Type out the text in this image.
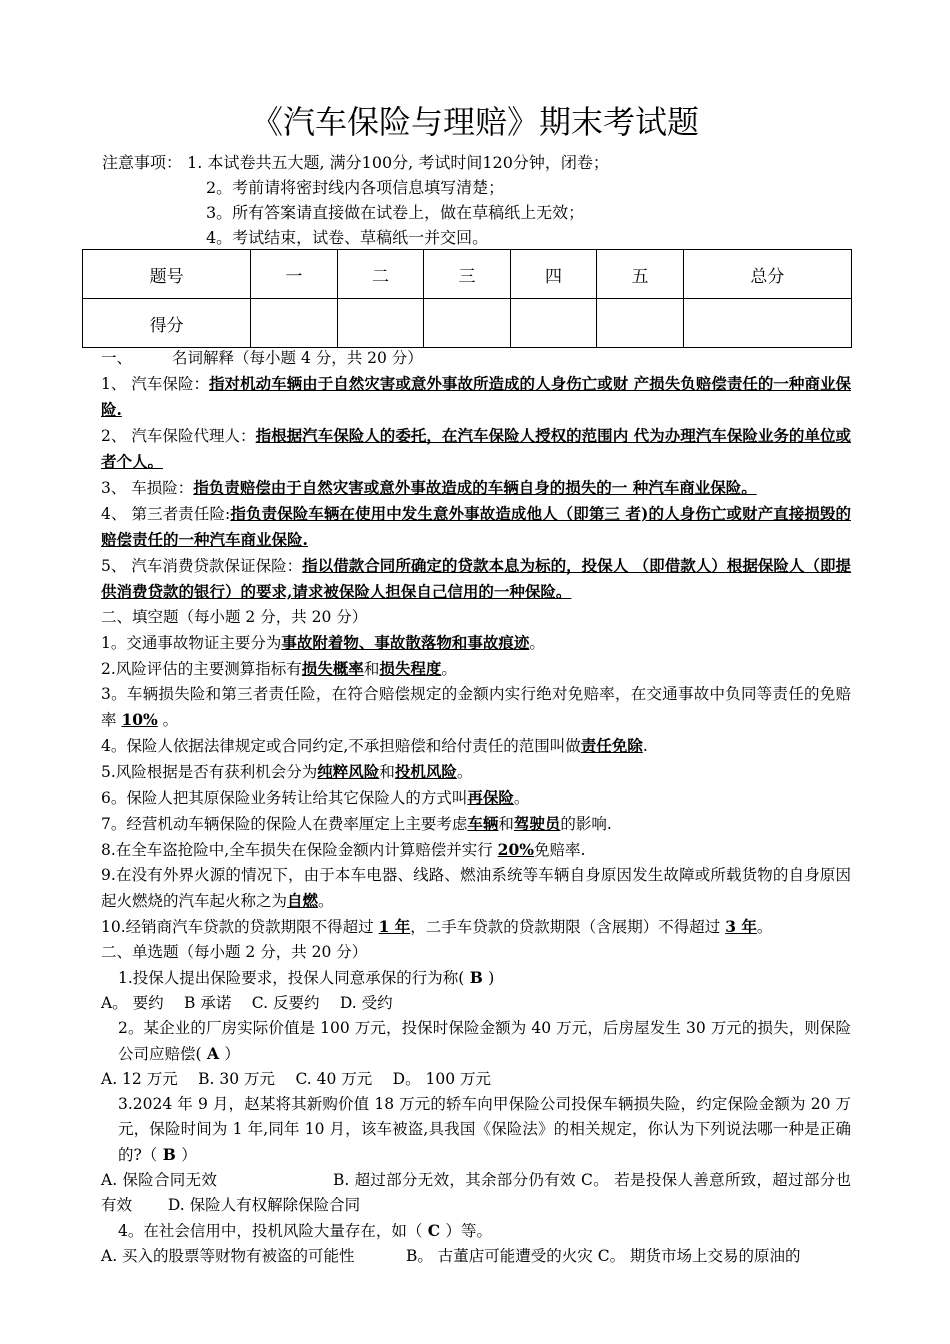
《汽车保险与理赔》期末考试题
注意事项： 1. 本试卷共五大题, 满分100分, 考试时间120分钟，闭卷；
2。考前请将密封线内各项信息填写清楚；
3。所有答案请直接做在试卷上，做在草稿纸上无效；
4。考试结束，试卷、草稿纸一并交回。
题号	一	二	三	四	五	总分
得分						

一、	名词解释（每小题 4 分，共 20 分）

1、 汽车保险：指对机动车辆由于自然灾害或意外事故所造成的人身伤亡或财 产损失负赔偿责任的一种商业保险.

2、 汽车保险代理人：指根据汽车保险人的委托，在汽车保险人授权的范围内 代为办理汽车保险业务的单位或者个人。

3、 车损险：指负责赔偿由于自然灾害或意外事故造成的车辆自身的损失的一 种汽车商业保险。

4、 第三者责任险:指负责保险车辆在使用中发生意外事故造成他人（即第三 者)的人身伤亡或财产直接损毁的赔偿责任的一种汽车商业保险.

5、 汽车消费贷款保证保险：指以借款合同所确定的贷款本息为标的，投保人 （即借款人）根据保险人（即提供消费贷款的银行）的要求,请求被保险人担保自己信用的一种保险。

二、填空题（每小题 2 分，共 20 分）

1。交通事故物证主要分为事故附着物、事故散落物和事故痕迹。

2.风险评估的主要测算指标有损失概率和损失程度。

3。车辆损失险和第三者责任险，在符合赔偿规定的金额内实行绝对免赔率，在交通事故中负同等责任的免赔率 10% 。

4。保险人依据法律规定或合同约定,不承担赔偿和给付责任的范围叫做责任免除.

5.风险根据是否有获利机会分为纯粹风险和投机风险。

6。保险人把其原保险业务转让给其它保险人的方式叫再保险。

7。经营机动车辆保险的保险人在费率厘定上主要考虑车辆和驾驶员的影响.

8.在全车盗抢险中,全车损失在保险金额内计算赔偿并实行 20%免赔率.

9.在没有外界火源的情况下，由于本车电器、线路、燃油系统等车辆自身原因发生故障或所载货物的自身原因起火燃烧的汽车起火称之为自燃。

10.经销商汽车贷款的贷款期限不得超过 1 年，二手车贷款的贷款期限（含展期）不得超过 3 年。

二、单选题（每小题 2 分，共 20 分）

1.投保人提出保险要求，投保人同意承保的行为称( B )

A。 要约　 B 承诺　 C. 反要约　 D. 受约

2。某企业的厂房实际价值是 100 万元，投保时保险金额为 40 万元，后房屋发生 30 万元的损失，则保险公司应赔偿( A ）

A. 12 万元　 B. 30 万元　 C. 40 万元　 D。 100 万元

3.2024 年 9 月，赵某将其新购价值 18 万元的轿车向甲保险公司投保车辆损失险，约定保险金额为 20 万元，保险时间为 1 年,同年 10 月，该车被盗,具我国《保险法》的相关规定，你认为下列说法哪一种是正确的?（ B ）

A. 保险合同无效　　　　　　　 B. 超过部分无效，其余部分仍有效 C。 若是投保人善意所致，超过部分也有效　　 D. 保险人有权解除保险合同

4。在社会信用中，投机风险大量存在，如（ C ）等。

A. 买入的股票等财物有被盗的可能性　　　 B。 古董店可能遭受的火灾 C。 期货市场上交易的原油的
